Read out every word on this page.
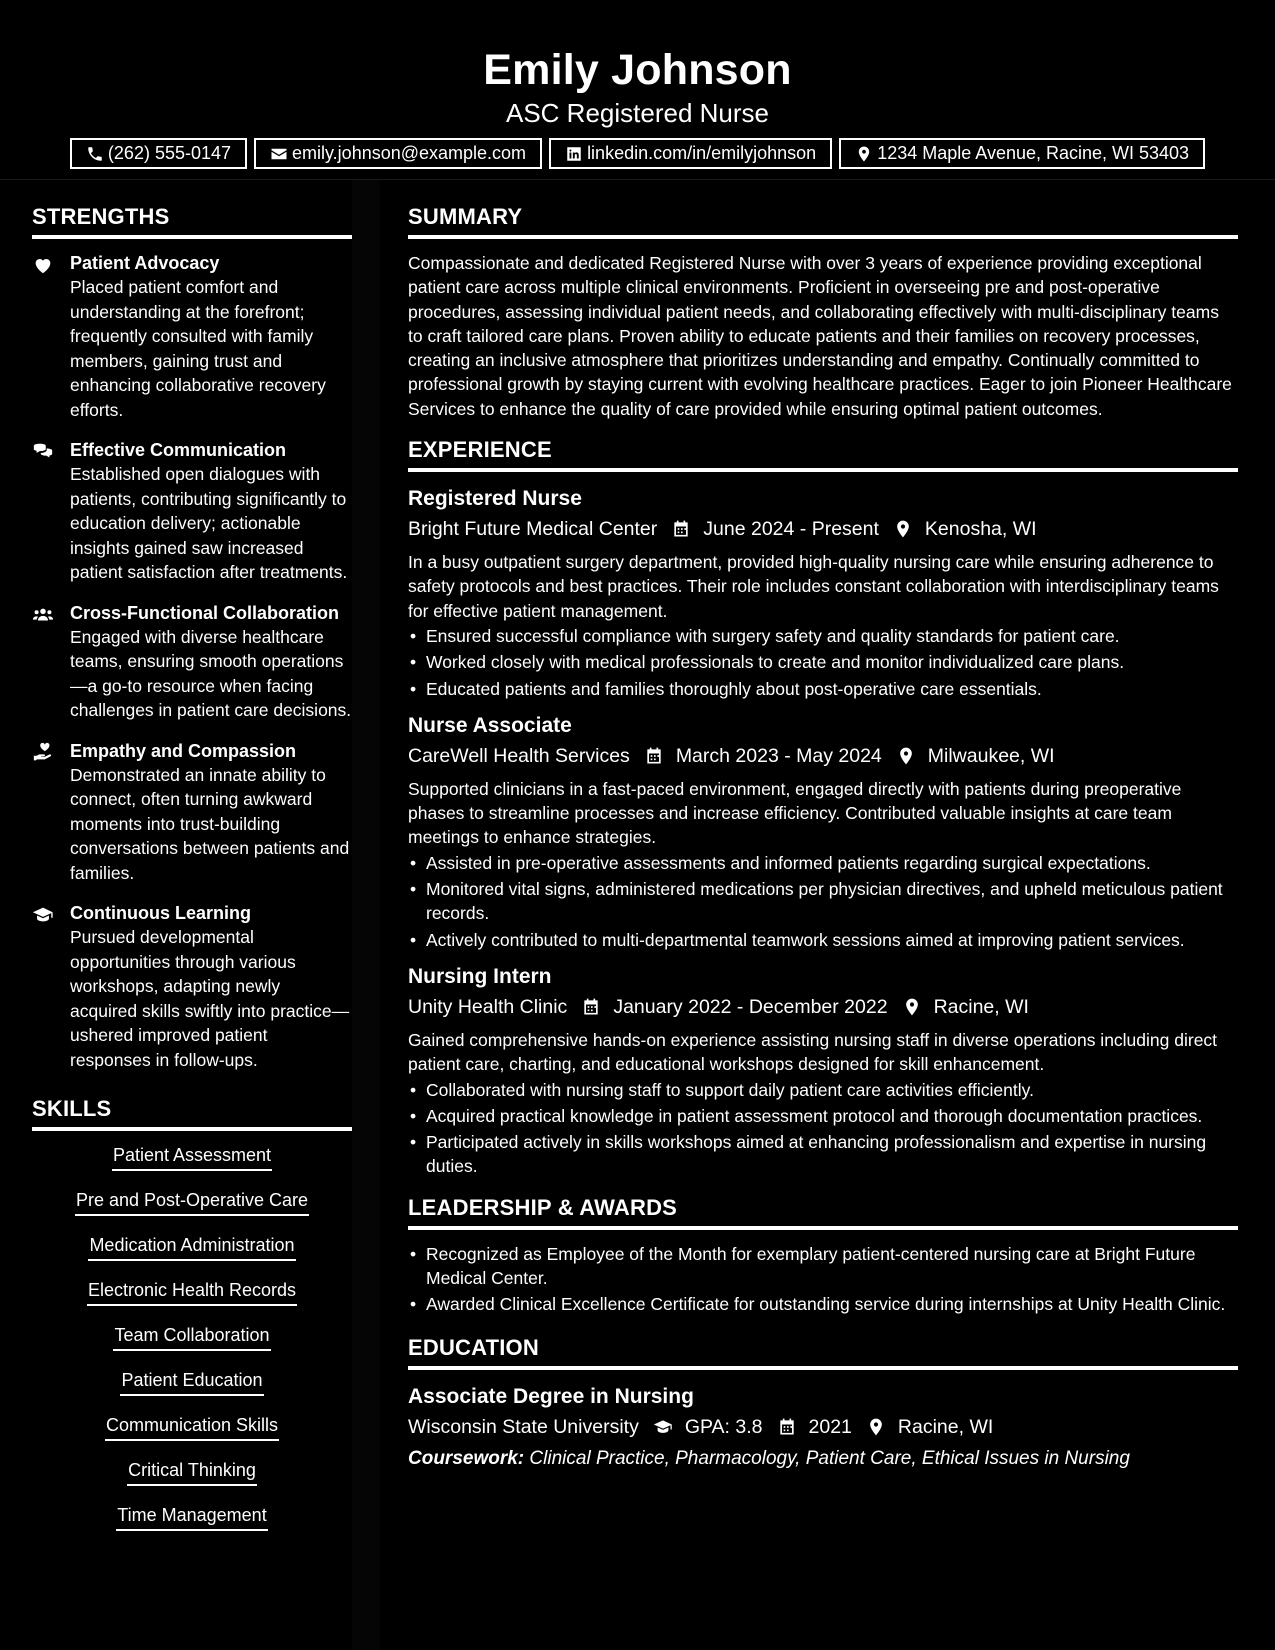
Emily Johnson
ASC Registered Nurse
(262) 555-0147	emily.johnson@example.com	linkedin.com/in/emilyjohnson	1234 Maple Avenue, Racine, WI 53403
STRENGTHS
Patient Advocacy
Placed patient comfort and understanding at the forefront; frequently consulted with family members, gaining trust and enhancing collaborative recovery efforts.
Effective Communication
Established open dialogues with patients, contributing significantly to education delivery; actionable insights gained saw increased patient satisfaction after treatments.
Cross-Functional Collaboration
Engaged with diverse healthcare teams, ensuring smooth operations—a go-to resource when facing challenges in patient care decisions.
Empathy and Compassion
Demonstrated an innate ability to connect, often turning awkward moments into trust-building conversations between patients and families.
Continuous Learning
Pursued developmental opportunities through various workshops, adapting newly acquired skills swiftly into practice—ushered improved patient responses in follow-ups.
SKILLS
Patient Assessment
Pre and Post-Operative Care
Medication Administration
Electronic Health Records
Team Collaboration
Patient Education
Communication Skills
Critical Thinking
Time Management
SUMMARY
Compassionate and dedicated Registered Nurse with over 3 years of experience providing exceptional patient care across multiple clinical environments. Proficient in overseeing pre and post-operative procedures, assessing individual patient needs, and collaborating effectively with multi-disciplinary teams to craft tailored care plans. Proven ability to educate patients and their families on recovery processes, creating an inclusive atmosphere that prioritizes understanding and empathy. Continually committed to professional growth by staying current with evolving healthcare practices. Eager to join Pioneer Healthcare Services to enhance the quality of care provided while ensuring optimal patient outcomes.
EXPERIENCE
Registered Nurse
Bright Future Medical Center June 2024 - Present Kenosha, WI
In a busy outpatient surgery department, provided high-quality nursing care while ensuring adherence to safety protocols and best practices. Their role includes constant collaboration with interdisciplinary teams for effective patient management.
• Ensured successful compliance with surgery safety and quality standards for patient care.
• Worked closely with medical professionals to create and monitor individualized care plans.
• Educated patients and families thoroughly about post-operative care essentials.
Nurse Associate
CareWell Health Services March 2023 - May 2024 Milwaukee, WI
Supported clinicians in a fast-paced environment, engaged directly with patients during preoperative phases to streamline processes and increase efficiency. Contributed valuable insights at care team meetings to enhance strategies.
• Assisted in pre-operative assessments and informed patients regarding surgical expectations.
• Monitored vital signs, administered medications per physician directives, and upheld meticulous patient records.
• Actively contributed to multi-departmental teamwork sessions aimed at improving patient services.
Nursing Intern
Unity Health Clinic January 2022 - December 2022 Racine, WI
Gained comprehensive hands-on experience assisting nursing staff in diverse operations including direct patient care, charting, and educational workshops designed for skill enhancement.
• Collaborated with nursing staff to support daily patient care activities efficiently.
• Acquired practical knowledge in patient assessment protocol and thorough documentation practices.
• Participated actively in skills workshops aimed at enhancing professionalism and expertise in nursing duties.
LEADERSHIP & AWARDS
• Recognized as Employee of the Month for exemplary patient-centered nursing care at Bright Future Medical Center.
• Awarded Clinical Excellence Certificate for outstanding service during internships at Unity Health Clinic.
EDUCATION
Associate Degree in Nursing
Wisconsin State University GPA: 3.8 2021 Racine, WI
Coursework: Clinical Practice, Pharmacology, Patient Care, Ethical Issues in Nursing
